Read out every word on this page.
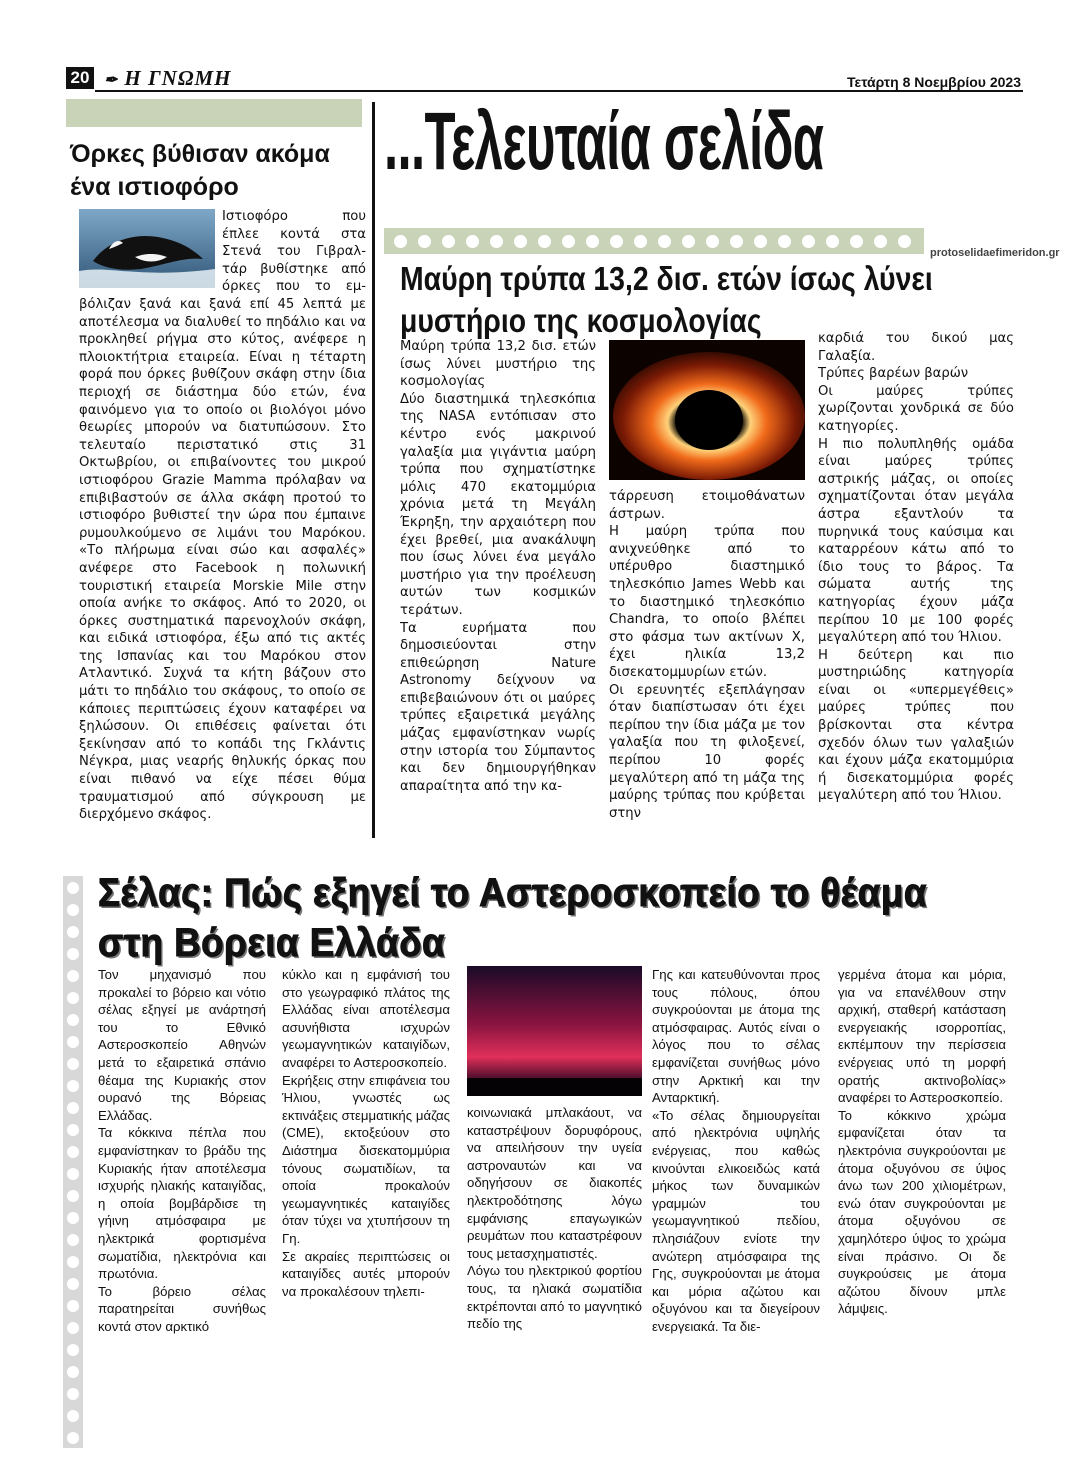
20 ✒ Η ΓΝΩΜΗ	Τετάρτη 8 Νοεμβρίου 2023
...Τελευταία σελίδα
protoselidaefimeridon.gr
Όρκες βύθισαν ακόμα ένα ιστιοφόρο
Ιστιοφόρο που
έπλεε κοντά στα
Στενά του Γιβραλ-
τάρ βυθίστηκε από
όρκες που το εμ-

βόλιζαν ξανά και ξανά επί 45 λεπτά με αποτέλεσμα να διαλυθεί το πηδάλιο και να προκληθεί ρήγμα στο κύτος, ανέφερε η πλοιοκτήτρια εταιρεία. Είναι η τέταρτη φορά που όρκες βυθίζουν σκάφη στην ίδια περιοχή σε διάστημα δύο ετών, ένα φαινόμενο για το οποίο οι βιολόγοι μόνο θεωρίες μπορούν να διατυπώσουν. Στο τελευταίο περιστατικό στις 31 Οκτωβρίου, οι επιβαίνοντες του μικρού ιστιοφόρου Grazie Mamma πρόλαβαν να επιβιβαστούν σε άλλα σκάφη προτού το ιστιοφόρο βυθιστεί την ώρα που έμπαινε ρυμουλκούμενο σε λιμάνι του Μαρόκου. «Το πλήρωμα είναι σώο και ασφαλές» ανέφερε στο Facebook η πολωνική τουριστική εταιρεία Morskie Mile στην οποία ανήκε το σκάφος. Από το 2020, οι όρκες συστηματικά παρενοχλούν σκάφη, και ειδικά ιστιοφόρα, έξω από τις ακτές της Ισπανίας και του Μαρόκου στον Ατλαντικό. Συχνά τα κήτη βάζουν στο μάτι το πηδάλιο του σκάφους, το οποίο σε κάποιες περιπτώσεις έχουν καταφέρει να ξηλώσουν. Οι επιθέσεις φαίνεται ότι ξεκίνησαν από το κοπάδι της Γκλάντις Νέγκρα, μιας νεαρής θηλυκής όρκας που είναι πιθανό να είχε πέσει θύμα τραυματισμού από σύγκρουση με διερχόμενο σκάφος.

Μαύρη τρύπα 13,2 δισ. ετών ίσως λύνει μυστήριο της κοσμολογίας

Μαύρη τρύπα 13,2 δισ. ετών ίσως λύνει μυστήριο της κοσμολογίας

Δύο διαστημικά τηλεσκόπια της NASA εντόπισαν στο κέντρο ενός μακρινού γαλαξία μια γιγάντια μαύρη τρύπα που σχηματίστηκε μόλις 470 εκατομμύρια χρόνια μετά τη Μεγάλη Έκρηξη, την αρχαιότερη που έχει βρεθεί, μια ανακάλυψη που ίσως λύνει ένα μεγάλο μυστήριο για την προέλευση αυτών των κοσμικών τεράτων.

Τα ευρήματα που δημοσιεύονται στην επιθεώρηση Nature Astronomy δείχνουν να επιβεβαιώνουν ότι οι μαύρες τρύπες εξαιρετικά μεγάλης μάζας εμφανίστηκαν νωρίς στην ιστορία του Σύμπαντος και δεν δημιουργήθηκαν απαραίτητα από την κα-

τάρρευση ετοιμοθάνατων άστρων.

Η μαύρη τρύπα που ανιχνεύθηκε από το υπέρυθρο διαστημικό τηλεσκόπιο James Webb και το διαστημικό τηλεσκόπιο Chandra, το οποίο βλέπει στο φάσμα των ακτίνων Χ, έχει ηλικία 13,2 δισεκατομμυρίων ετών.

Οι ερευνητές εξεπλάγησαν όταν διαπίστωσαν ότι έχει περίπου την ίδια μάζα με τον γαλαξία που τη φιλοξενεί, περίπου 10 φορές μεγαλύτερη από τη μάζα της μαύρης τρύπας που κρύβεται στην

καρδιά του δικού μας Γαλαξία.

Τρύπες βαρέων βαρών

Οι μαύρες τρύπες χωρίζονται χονδρικά σε δύο κατηγορίες.

Η πιο πολυπληθής ομάδα είναι μαύρες τρύπες αστρικής μάζας, οι οποίες σχηματίζονται όταν μεγάλα άστρα εξαντλούν τα πυρηνικά τους καύσιμα και καταρρέουν κάτω από το ίδιο τους το βάρος. Τα σώματα αυτής της κατηγορίας έχουν μάζα περίπου 10 με 100 φορές μεγαλύτερη από του Ήλιου.

Η δεύτερη και πιο μυστηριώδης κατηγορία είναι οι «υπερμεγέθεις» μαύρες τρύπες που βρίσκονται στα κέντρα σχεδόν όλων των γαλαξιών και έχουν μάζα εκατομμύρια ή δισεκατομμύρια φορές μεγαλύτερη από του Ήλιου.

Σέλας: Πώς εξηγεί το Αστεροσκοπείο το θέαμα στη Βόρεια Ελλάδα

Τον μηχανισμό που προκαλεί το βόρειο και νότιο σέλας εξηγεί με ανάρτησή του το Εθνικό Αστεροσκοπείο Αθηνών μετά το εξαιρετικά σπάνιο θέαμα της Κυριακής στον ουρανό της Βόρειας Ελλάδας.

Τα κόκκινα πέπλα που εμφανίστηκαν το βράδυ της Κυριακής ήταν αποτέλεσμα ισχυρής ηλιακής καταιγίδας, η οποία βομβάρδισε τη γήινη ατμόσφαιρα με ηλεκτρικά φορτισμένα σωματίδια, ηλεκτρόνια και πρωτόνια.

Το βόρειο σέλας παρατηρείται συνήθως κοντά στον αρκτικό

κύκλο και η εμφάνισή του στο γεωγραφικό πλάτος της Ελλάδας είναι αποτέλεσμα ασυνήθιστα ισχυρών γεωμαγνητικών καταιγίδων, αναφέρει το Αστεροσκοπείο.

Εκρήξεις στην επιφάνεια του Ήλιου, γνωστές ως εκτινάξεις στεμματικής μάζας (CME), εκτοξεύουν στο Διάστημα δισεκατομμύρια τόνους σωματιδίων, τα οποία προκαλούν γεωμαγνητικές καταιγίδες όταν τύχει να χτυπήσουν τη Γη.

Σε ακραίες περιπτώσεις οι καταιγίδες αυτές μπορούν να προκαλέσουν τηλεπι-

κοινωνιακά μπλακάουτ, να καταστρέψουν δορυφόρους, να απειλήσουν την υγεία αστροναυτών και να οδηγήσουν σε διακοπές ηλεκτροδότησης λόγω εμφάνισης επαγωγικών ρευμάτων που καταστρέφουν τους μετασχηματιστές.

Λόγω του ηλεκτρικού φορτίου τους, τα ηλιακά σωματίδια εκτρέπονται από το μαγνητικό πεδίο της

Γης και κατευθύνονται προς τους πόλους, όπου συγκρούονται με άτομα της ατμόσφαιρας. Αυτός είναι ο λόγος που το σέλας εμφανίζεται συνήθως μόνο στην Αρκτική και την Ανταρκτική.

«Το σέλας δημιουργείται από ηλεκτρόνια υψηλής ενέργειας, που καθώς κινούνται ελικοειδώς κατά μήκος των δυναμικών γραμμών του γεωμαγνητικού πεδίου, πλησιάζουν ενίοτε την ανώτερη ατμόσφαιρα της Γης, συγκρούονται με άτομα και μόρια αζώτου και οξυγόνου και τα διεγείρουν ενεργειακά. Τα διε-

γερμένα άτομα και μόρια, για να επανέλθουν στην αρχική, σταθερή κατάσταση ενεργειακής ισορροπίας, εκπέμπουν την περίσσεια ενέργειας υπό τη μορφή ορατής ακτινοβολίας» αναφέρει το Αστεροσκοπείο.

Το κόκκινο χρώμα εμφανίζεται όταν τα ηλεκτρόνια συγκρούονται με άτομα οξυγόνου σε ύψος άνω των 200 χιλιομέτρων, ενώ όταν συγκρούονται με άτομα οξυγόνου σε χαμηλότερο ύψος το χρώμα είναι πράσινο. Οι δε συγκρούσεις με άτομα αζώτου δίνουν μπλε λάμψεις.
